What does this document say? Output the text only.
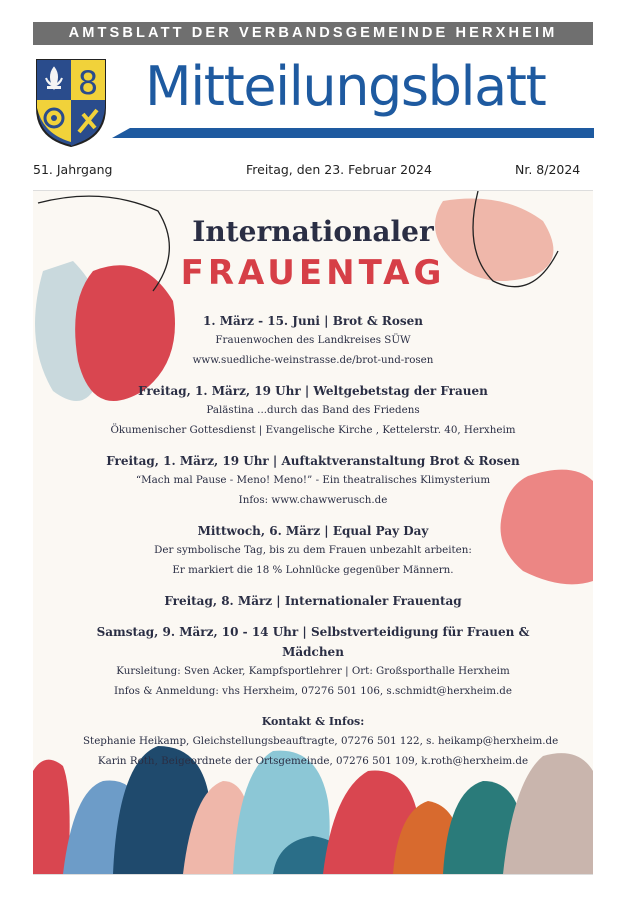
AMTSBLATT DER VERBANDSGEMEINDE HERXHEIM
8 Mitteilungsblatt
51. Jahrgang	Freitag, den 23. Februar 2024	Nr. 8/2024
Internationaler
FRAUENTAG
1. März - 15. Juni | Brot & Rosen
Frauenwochen des Landkreises SÜW
www.suedliche-weinstrasse.de/brot-und-rosen
Freitag, 1. März, 19 Uhr | Weltgebetstag der Frauen
Palästina ...durch das Band des Friedens
Ökumenischer Gottesdienst | Evangelische Kirche , Kettelerstr. 40, Herxheim
Freitag, 1. März, 19 Uhr | Auftaktveranstaltung Brot & Rosen
“Mach mal Pause - Meno! Meno!” - Ein theatralisches Klimysterium
Infos: www.chawwerusch.de
Mittwoch, 6. März | Equal Pay Day
Der symbolische Tag, bis zu dem Frauen unbezahlt arbeiten:
Er markiert die 18 % Lohnlücke gegenüber Männern.
Freitag, 8. März | Internationaler Frauentag
Samstag, 9. März, 10 - 14 Uhr | Selbstverteidigung für Frauen & Mädchen
Kursleitung: Sven Acker, Kampfsportlehrer | Ort: Großsporthalle Herxheim
Infos & Anmeldung: vhs Herxheim, 07276 501 106, s.schmidt@herxheim.de
Kontakt & Infos:
Stephanie Heikamp, Gleichstellungsbeauftragte, 07276 501 122, s. heikamp@herxheim.de
Karin Roth, Beigeordnete der Ortsgemeinde, 07276 501 109, k.roth@herxheim.de
